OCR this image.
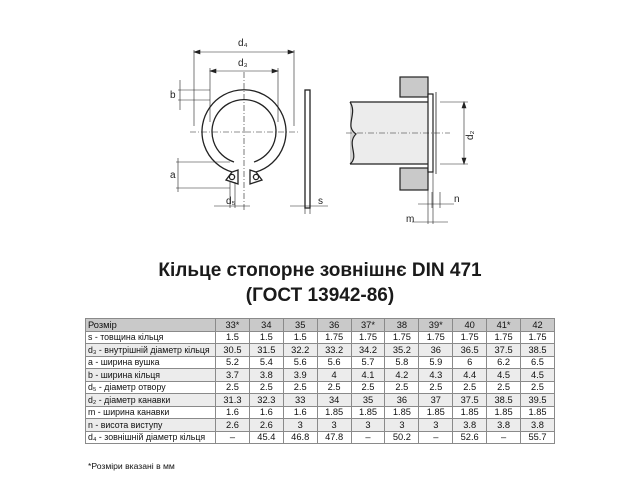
d₄
d₃
b
a
d₅	s
d₂
n
m
Кільце стопорне зовнішнє DIN 471
(ГОСТ 13942-86)
Розмір	33*	34	35	36	37*	38	39*	40	41*	42
s - товщина кільця	1.5	1.5	1.5	1.75	1.75	1.75	1.75	1.75	1.75	1.75
d₃ - внутрішній діаметр кільця	30.5	31.5	32.2	33.2	34.2	35.2	36	36.5	37.5	38.5
a - ширина вушка	5.2	5.4	5.6	5.6	5.7	5.8	5.9	6	6.2	6.5
b - ширина кільця	3.7	3.8	3.9	4	4.1	4.2	4.3	4.4	4.5	4.5
d₅ - діаметр отвору	2.5	2.5	2.5	2.5	2.5	2.5	2.5	2.5	2.5	2.5
d₂ - діаметр канавки	31.3	32.3	33	34	35	36	37	37.5	38.5	39.5
m - ширина канавки	1.6	1.6	1.6	1.85	1.85	1.85	1.85	1.85	1.85	1.85
n - висота виступу	2.6	2.6	3	3	3	3	3	3.8	3.8	3.8
d₄ - зовнішній діаметр кільця	–	45.4	46.8	47.8	–	50.2	–	52.6	–	55.7
*Розміри вказані в мм
